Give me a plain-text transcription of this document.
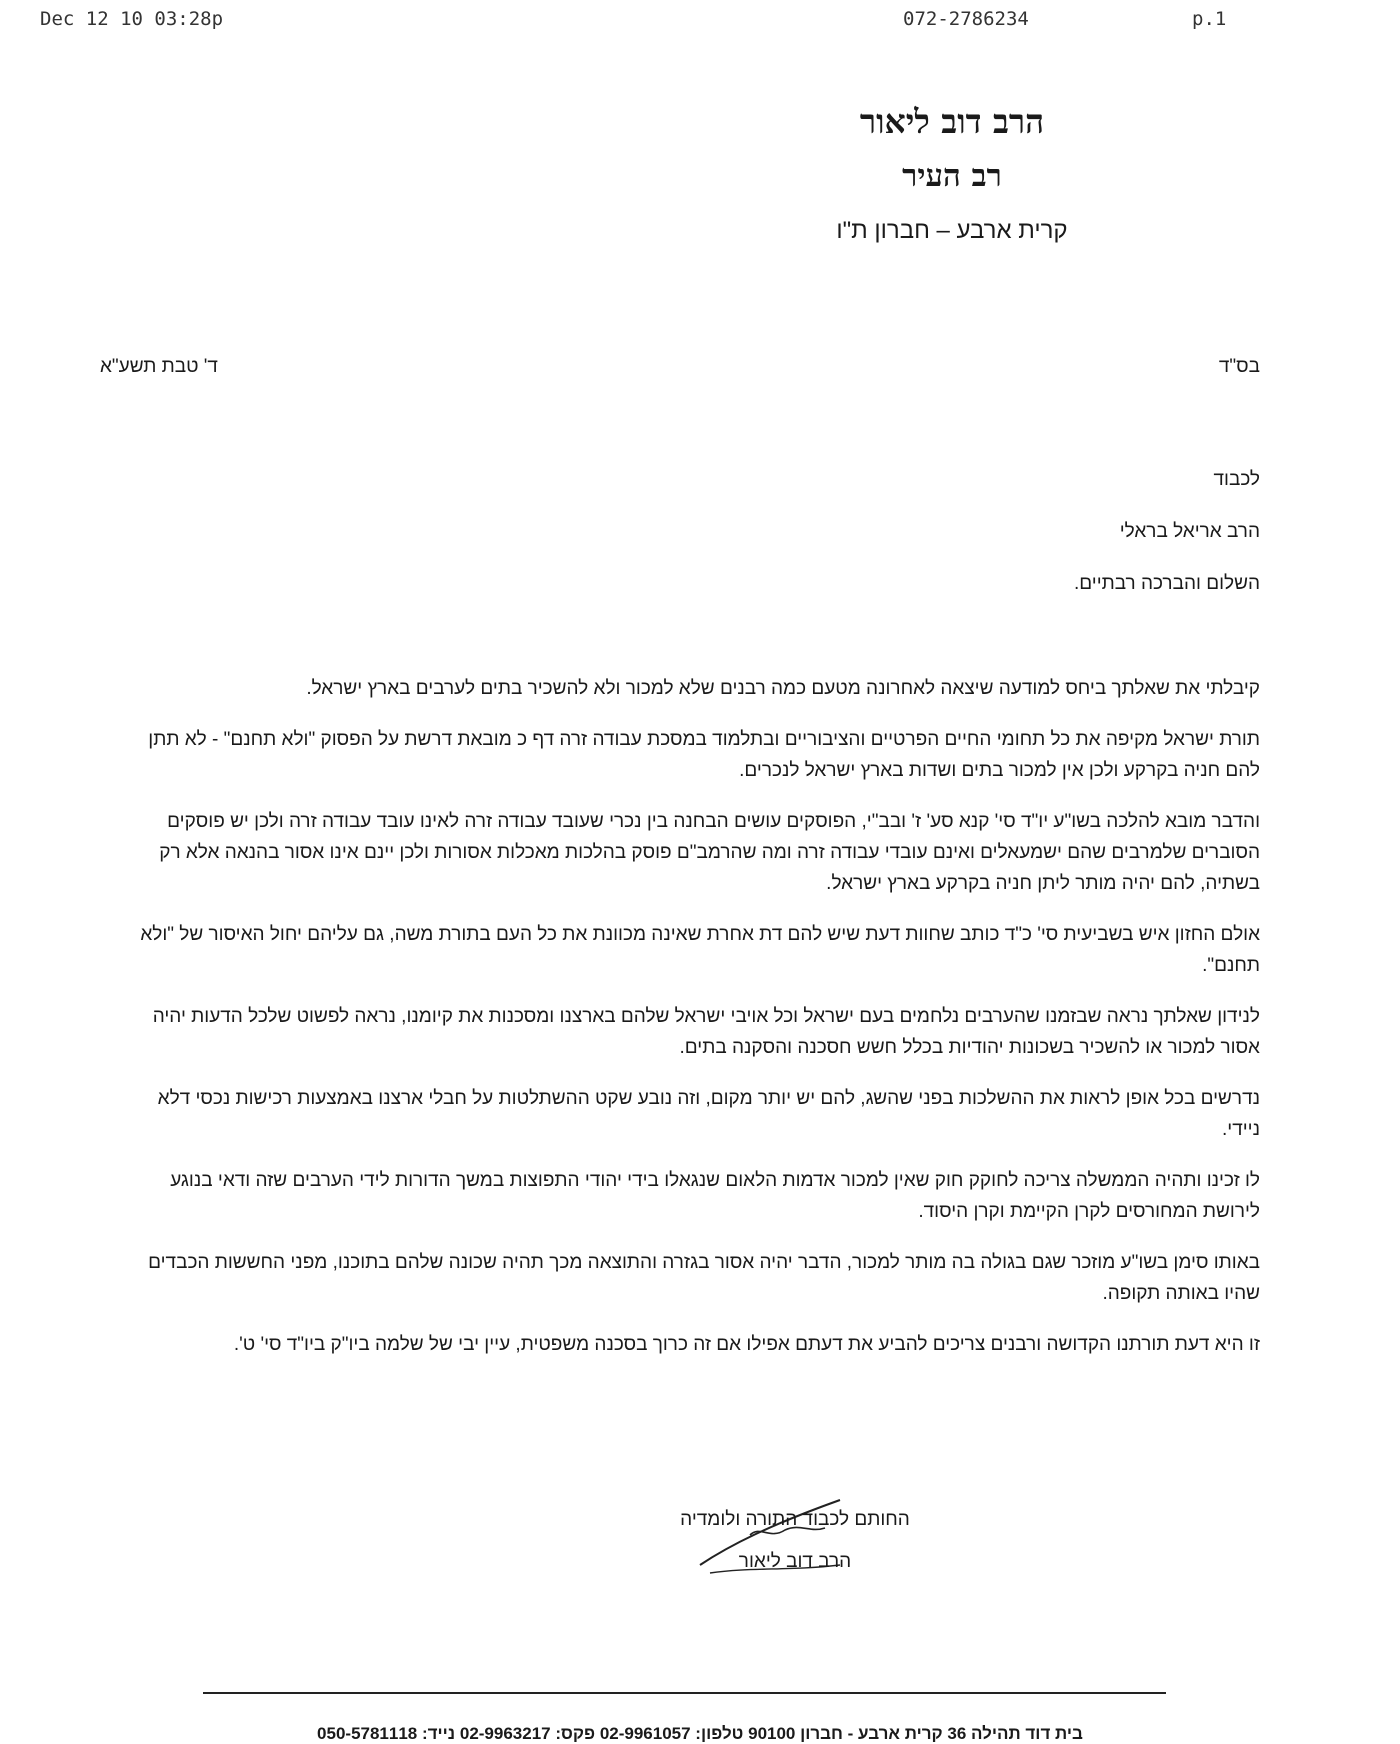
Dec 12 10 03:28p	072-2786234	p.1
הרב דוב ליאור
רב העיר
קרית ארבע – חברון ת"ו
בס"ד
ד' טבת תשע"א
לכבוד
הרב אריאל בראלי
השלום והברכה רבתיים.

קיבלתי את שאלתך ביחס למודעה שיצאה לאחרונה מטעם כמה רבנים שלא למכור ולא להשכיר בתים לערבים בארץ ישראל.

תורת ישראל מקיפה את כל תחומי החיים הפרטיים והציבוריים ובתלמוד במסכת עבודה זרה דף כ מובאת דרשת על הפסוק "ולא תחנם" - לא תתן להם חניה בקרקע ולכן אין למכור בתים ושדות בארץ ישראל לנכרים.

והדבר מובא להלכה בשו"ע יו"ד סי' קנא סע' ז' ובב"י, הפוסקים עושים הבחנה בין נכרי שעובד עבודה זרה לאינו עובד עבודה זרה ולכן יש פוסקים הסוברים שלמרבים שהם ישמעאלים ואינם עובדי עבודה זרה ומה שהרמב"ם פוסק בהלכות מאכלות אסורות ולכן יינם אינו אסור בהנאה אלא רק בשתיה, להם יהיה מותר ליתן חניה בקרקע בארץ ישראל.

אולם החזון איש בשביעית סי' כ"ד כותב שחוות דעת שיש להם דת אחרת שאינה מכוונת את כל העם בתורת משה, גם עליהם יחול האיסור של "ולא תחנם".

לנידון שאלתך נראה שבזמנו שהערבים נלחמים בעם ישראל וכל אויבי ישראל שלהם בארצנו ומסכנות את קיומנו, נראה לפשוט שלכל הדעות יהיה אסור למכור או להשכיר בשכונות יהודיות בכלל חשש חסכנה והסקנה בתים.

נדרשים בכל אופן לראות את ההשלכות בפני שהשג, להם יש יותר מקום, וזה נובע שקט ההשתלטות על חבלי ארצנו באמצעות רכישות נכסי דלא ניידי.

לו זכינו ותהיה הממשלה צריכה לחוקק חוק שאין למכור אדמות הלאום שנגאלו בידי יהודי התפוצות במשך הדורות לידי הערבים שזה ודאי בנוגע לירושת המחורסים לקרן הקיימת וקרן היסוד.

באותו סימן בשו"ע מוזכר שגם בגולה בה מותר למכור, הדבר יהיה אסור בגזרה והתוצאה מכך תהיה שכונה שלהם בתוכנו, מפני החששות הכבדים שהיו באותה תקופה.

זו היא דעת תורתנו הקדושה ורבנים צריכים להביע את דעתם אפילו אם זה כרוך בסכנה משפטית, עיין יבי של שלמה ביו"ק ביו"ד סי' ט'.

החותם לכבוד התורה ולומדיה
הרב דוב ליאור
בית דוד תהילה 36 קרית ארבע - חברון 90100 טלפון: 02-9961057 פקס: 02-9963217 נייד: 050-5781118
